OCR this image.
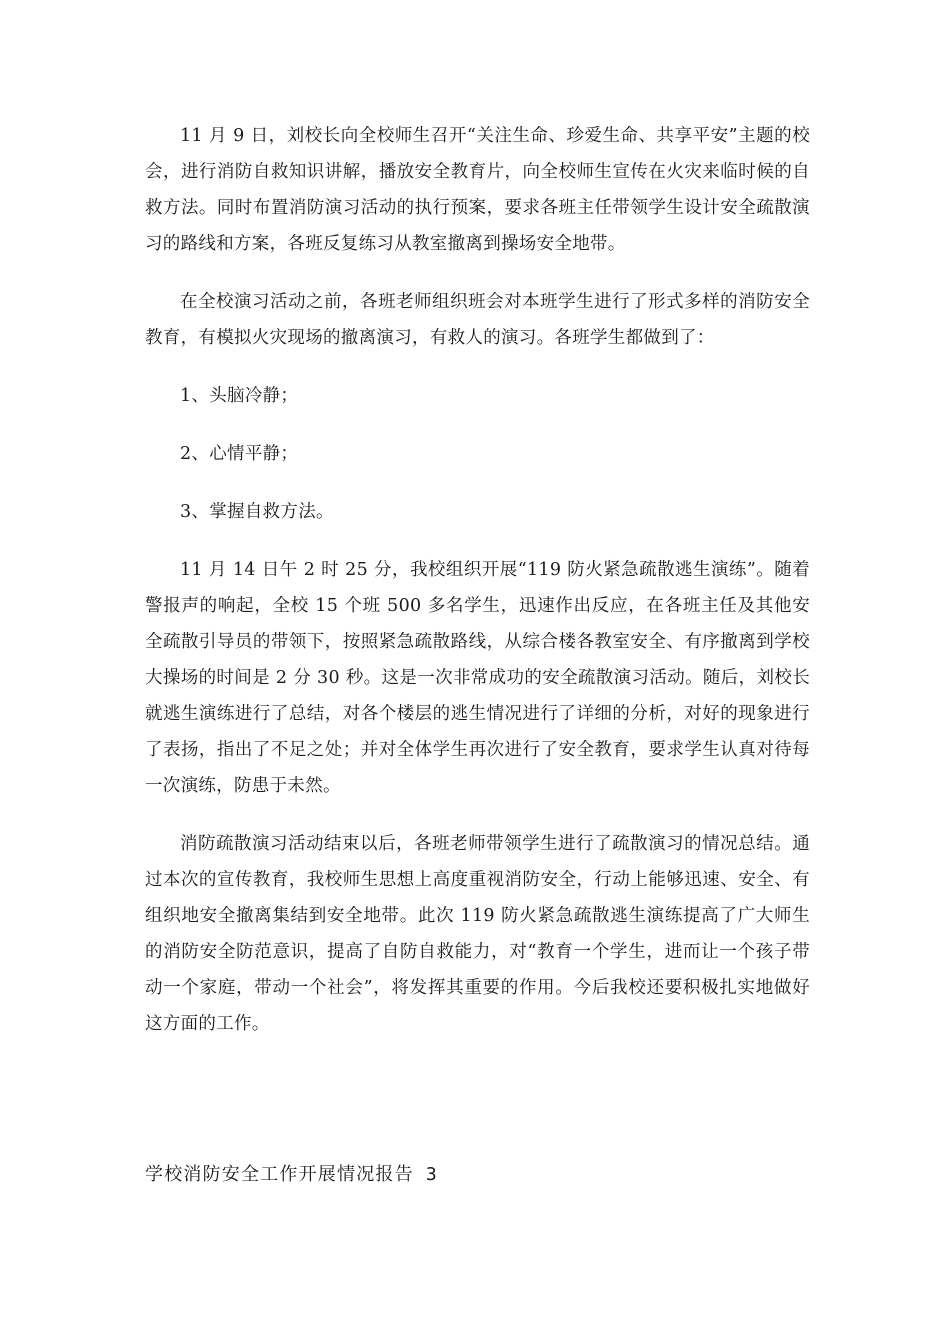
11 月 9 日，刘校长向全校师生召开“关注生命、珍爱生命、共享平安”主题的校会，进行消防自救知识讲解，播放安全教育片，向全校师生宣传在火灾来临时候的自救方法。同时布置消防演习活动的执行预案，要求各班主任带领学生设计安全疏散演习的路线和方案，各班反复练习从教室撤离到操场安全地带。

在全校演习活动之前，各班老师组织班会对本班学生进行了形式多样的消防安全教育，有模拟火灾现场的撤离演习，有救人的演习。各班学生都做到了：

1、头脑冷静；

2、心情平静；

3、掌握自救方法。

11 月 14 日午 2 时 25 分，我校组织开展“119 防火紧急疏散逃生演练”。随着警报声的响起，全校 15 个班 500 多名学生，迅速作出反应，在各班主任及其他安全疏散引导员的带领下，按照紧急疏散路线，从综合楼各教室安全、有序撤离到学校大操场的时间是 2 分 30 秒。这是一次非常成功的安全疏散演习活动。随后，刘校长就逃生演练进行了总结，对各个楼层的逃生情况进行了详细的分析，对好的现象进行了表扬，指出了不足之处；并对全体学生再次进行了安全教育，要求学生认真对待每一次演练，防患于未然。

消防疏散演习活动结束以后，各班老师带领学生进行了疏散演习的情况总结。通过本次的宣传教育，我校师生思想上高度重视消防安全，行动上能够迅速、安全、有组织地安全撤离集结到安全地带。此次 119 防火紧急疏散逃生演练提高了广大师生的消防安全防范意识，提高了自防自救能力，对“教育一个学生，进而让一个孩子带动一个家庭，带动一个社会”，将发挥其重要的作用。今后我校还要积极扎实地做好这方面的工作。

学校消防安全工作开展情况报告 3
